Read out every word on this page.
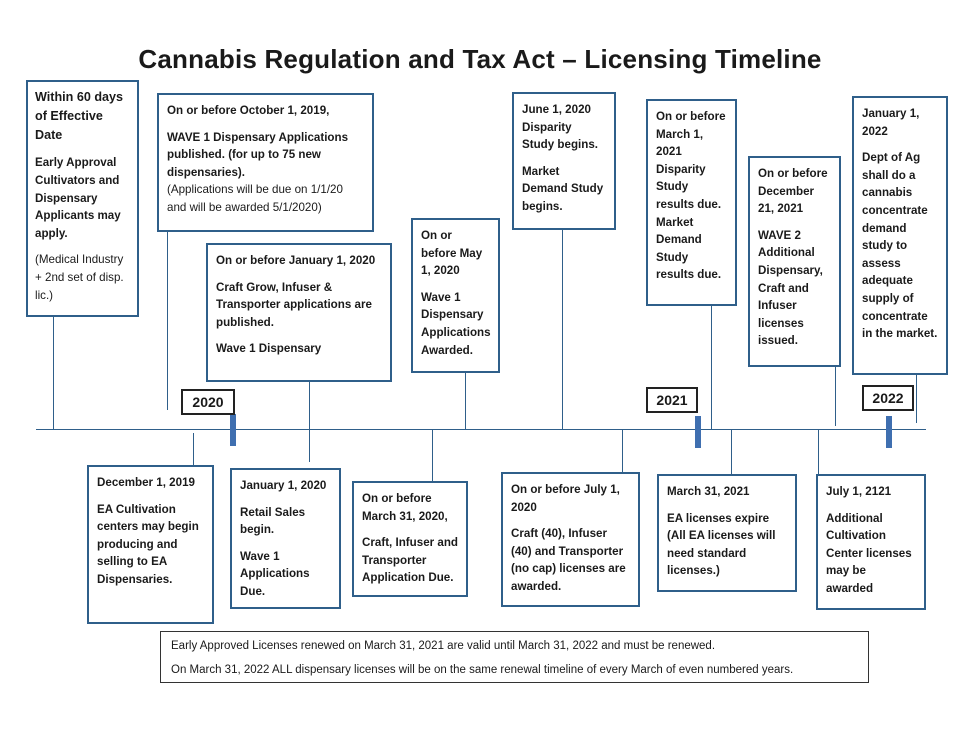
Cannabis Regulation and Tax Act – Licensing Timeline
2020	2021	2022

Within 60 days of Effective Date

Early Approval Cultivators and Dispensary Applicants may apply.

(Medical Industry + 2nd set of disp. lic.)

On or before October 1, 2019,

WAVE 1 Dispensary Applications published. (for up to 75 new dispensaries).

(Applications will be due on 1/1/20 and will be awarded 5/1/2020)

On or before January 1, 2020

Craft Grow, Infuser & Transporter applications are published.

Wave 1 Dispensary

On or before May 1, 2020

Wave 1 Dispensary Applications Awarded.

June 1, 2020 Disparity Study begins.

Market Demand Study begins.

On or before March 1, 2021

Disparity Study results due. Market Demand Study results due.

On or before December 21, 2021

WAVE 2 Additional Dispensary, Craft and Infuser licenses issued.

January 1, 2022

Dept of Ag shall do a cannabis concentrate demand study to assess adequate supply of concentrate in the market.

December 1, 2019

EA Cultivation centers may begin producing and selling to EA Dispensaries.

January 1, 2020

Retail Sales begin.

Wave 1 Applications Due.

On or before March 31, 2020,

Craft, Infuser and Transporter Application Due.

On or before July 1, 2020

Craft (40), Infuser (40) and Transporter (no cap) licenses are awarded.

March 31, 2021

EA licenses expire (All EA licenses will need standard licenses.)

July 1, 2121

Additional Cultivation Center licenses may be awarded

Early Approved Licenses renewed on March 31, 2021 are valid until March 31, 2022 and must be renewed.

On March 31, 2022 ALL dispensary licenses will be on the same renewal timeline of every March of even numbered years.
